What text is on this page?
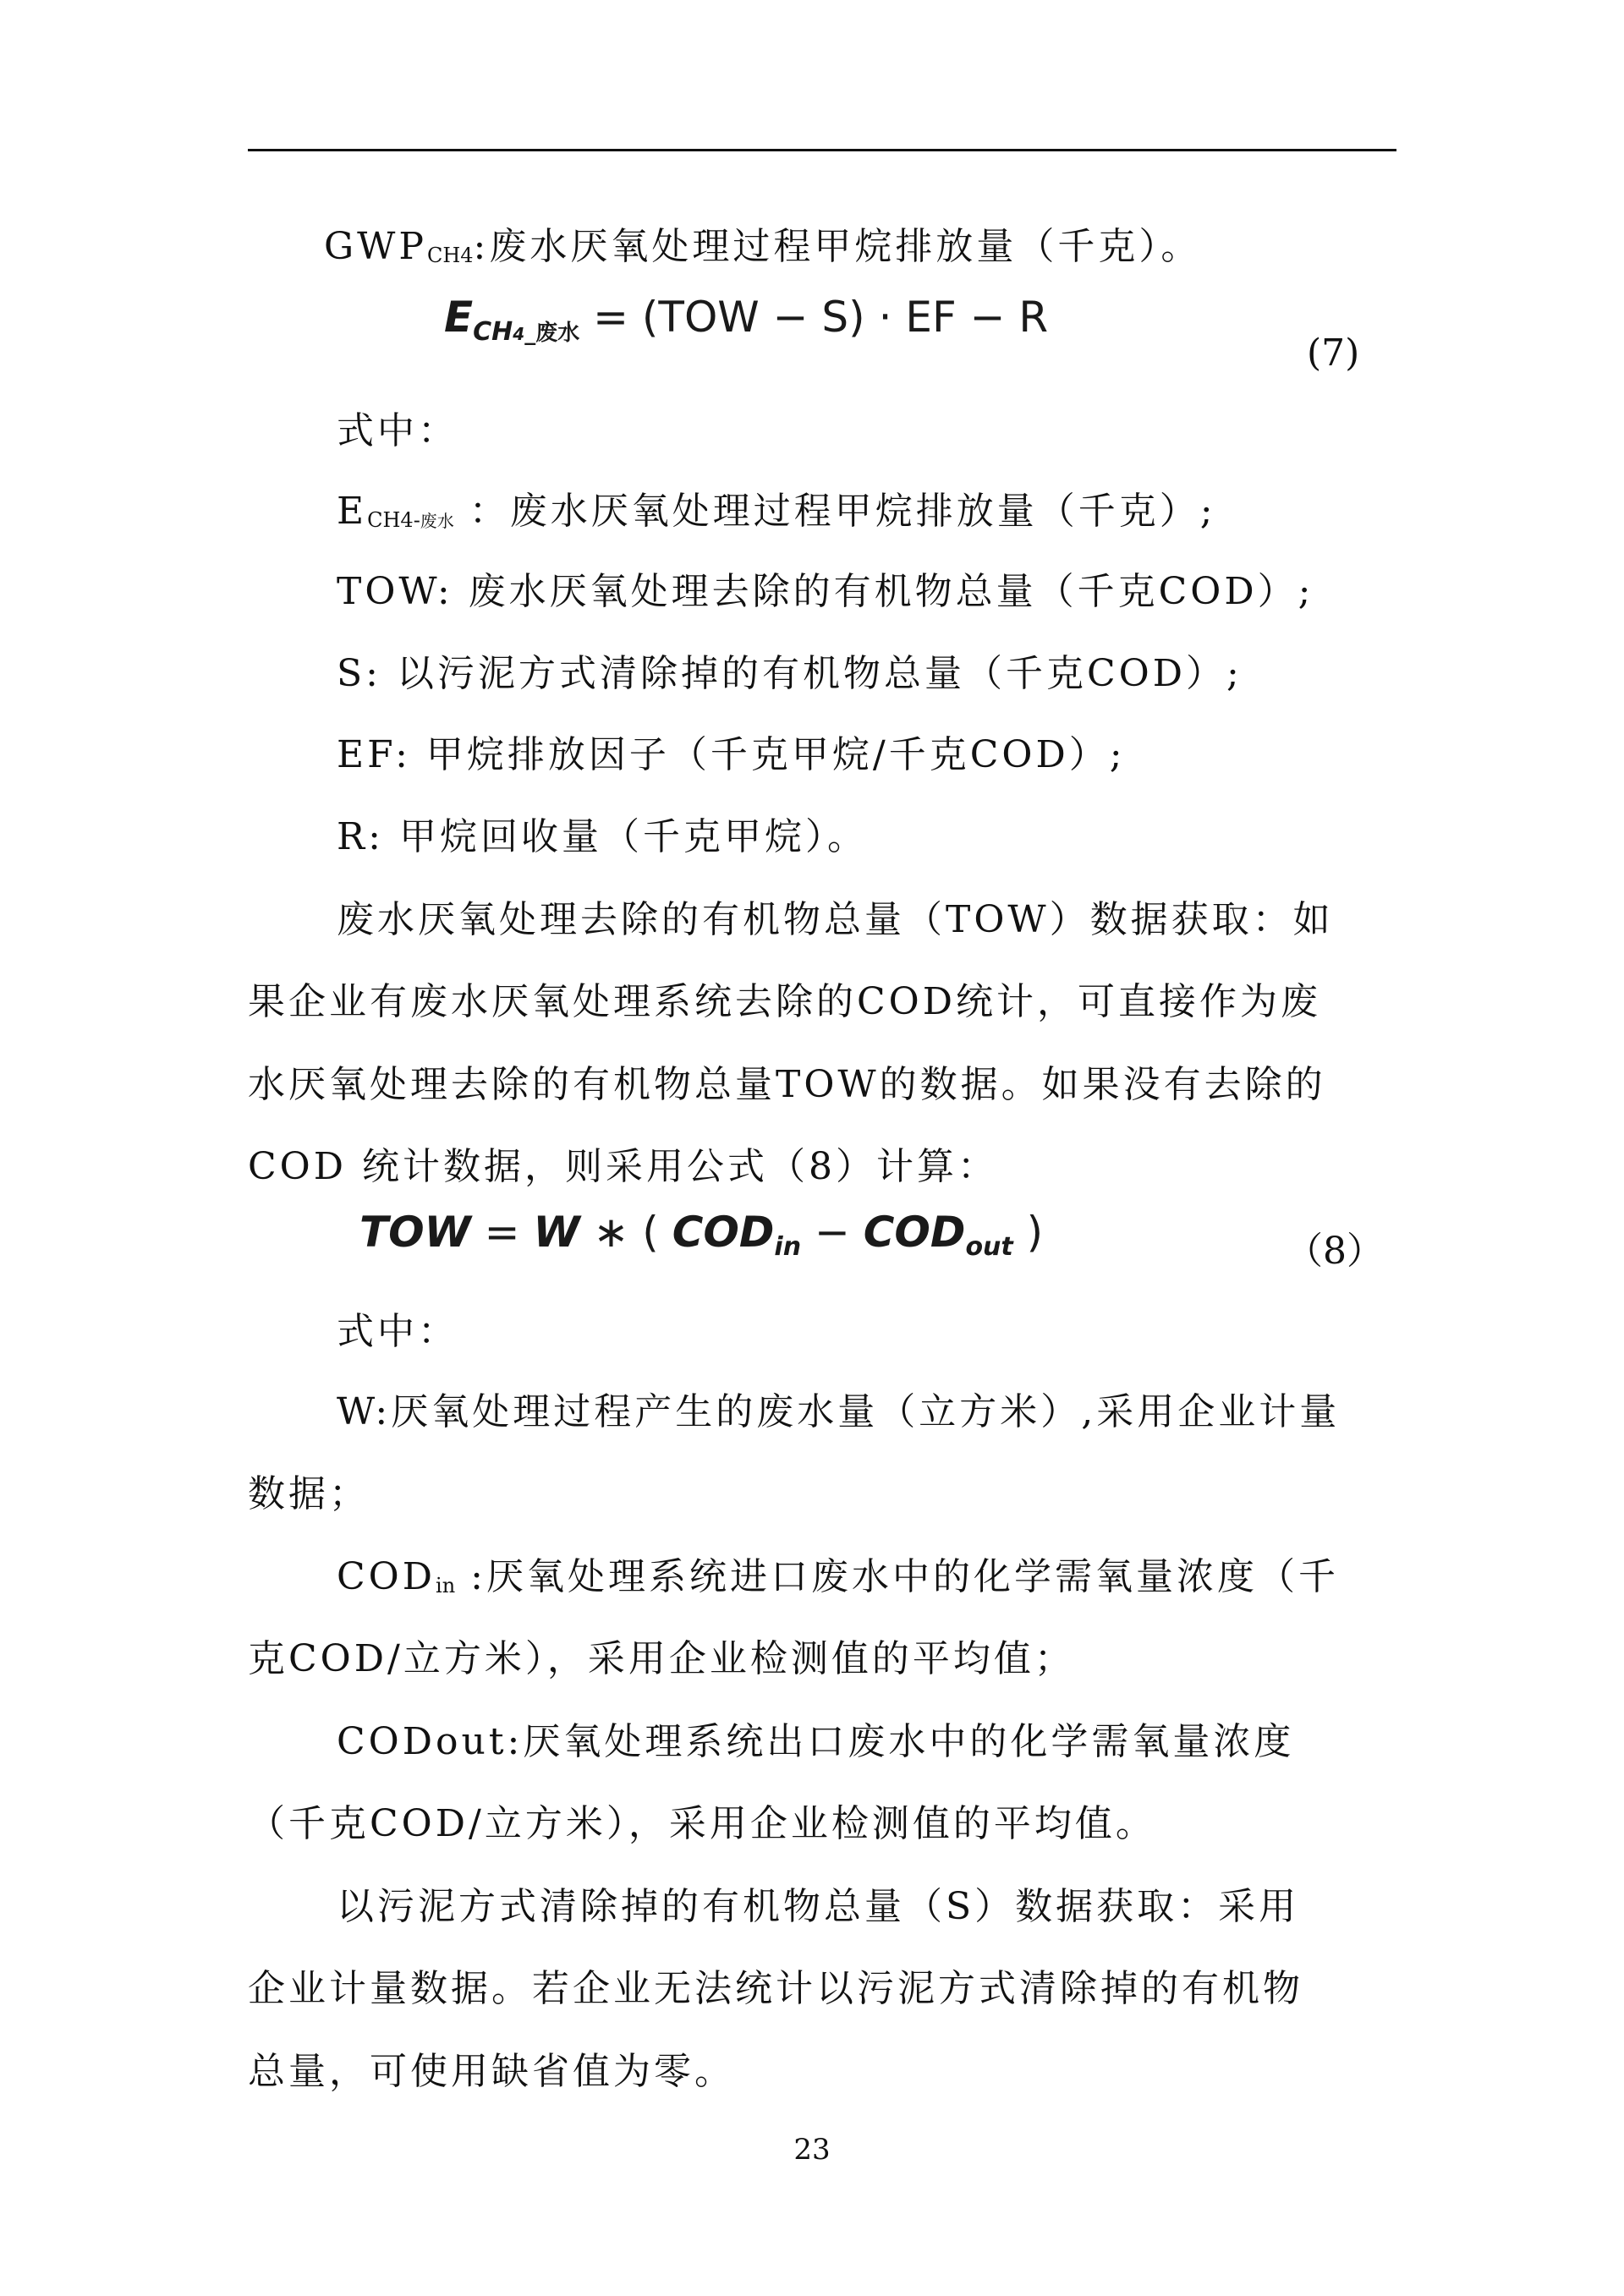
GWPCH4:废水厌氧处理过程甲烷排放量（千克）。
$E_{CH4\_废水} = (TOW - S)$ · EF − R
(7)
式中：
$ECH4-_{废水}$ ：废水厌氧处理过程甲烷排放量（千克）;
TOW: 废水厌氧处理去除的有机物总量（千克COD）;
S: 以污泥方式清除掉的有机物总量（千克COD）;
EF: 甲烷排放因子（千克甲烷/千克COD）;
R: 甲烷回收量（千克甲烷）。
废水厌氧处理去除的有机物总量（TOW）数据获取：如
果企业有废水厌氧处理系统去除的COD统计，可直接作为废
水厌氧处理去除的有机物总量TOW的数据。如果没有去除的
COD 统计数据，则采用公式（8）计算：
TOW = W ∗ ( $COD_{in} - COD_{out}$ )	（8）
式中：
W:厌氧处理过程产生的废水量（立方米）,采用企业计量
数据；
CODin :厌氧处理系统进口废水中的化学需氧量浓度（千
克COD/立方米），采用企业检测值的平均值；
CODout:厌氧处理系统出口废水中的化学需氧量浓度
（千克COD/立方米），采用企业检测值的平均值。
以污泥方式清除掉的有机物总量（S）数据获取：采用
企业计量数据。若企业无法统计以污泥方式清除掉的有机物
总量，可使用缺省值为零。
23
